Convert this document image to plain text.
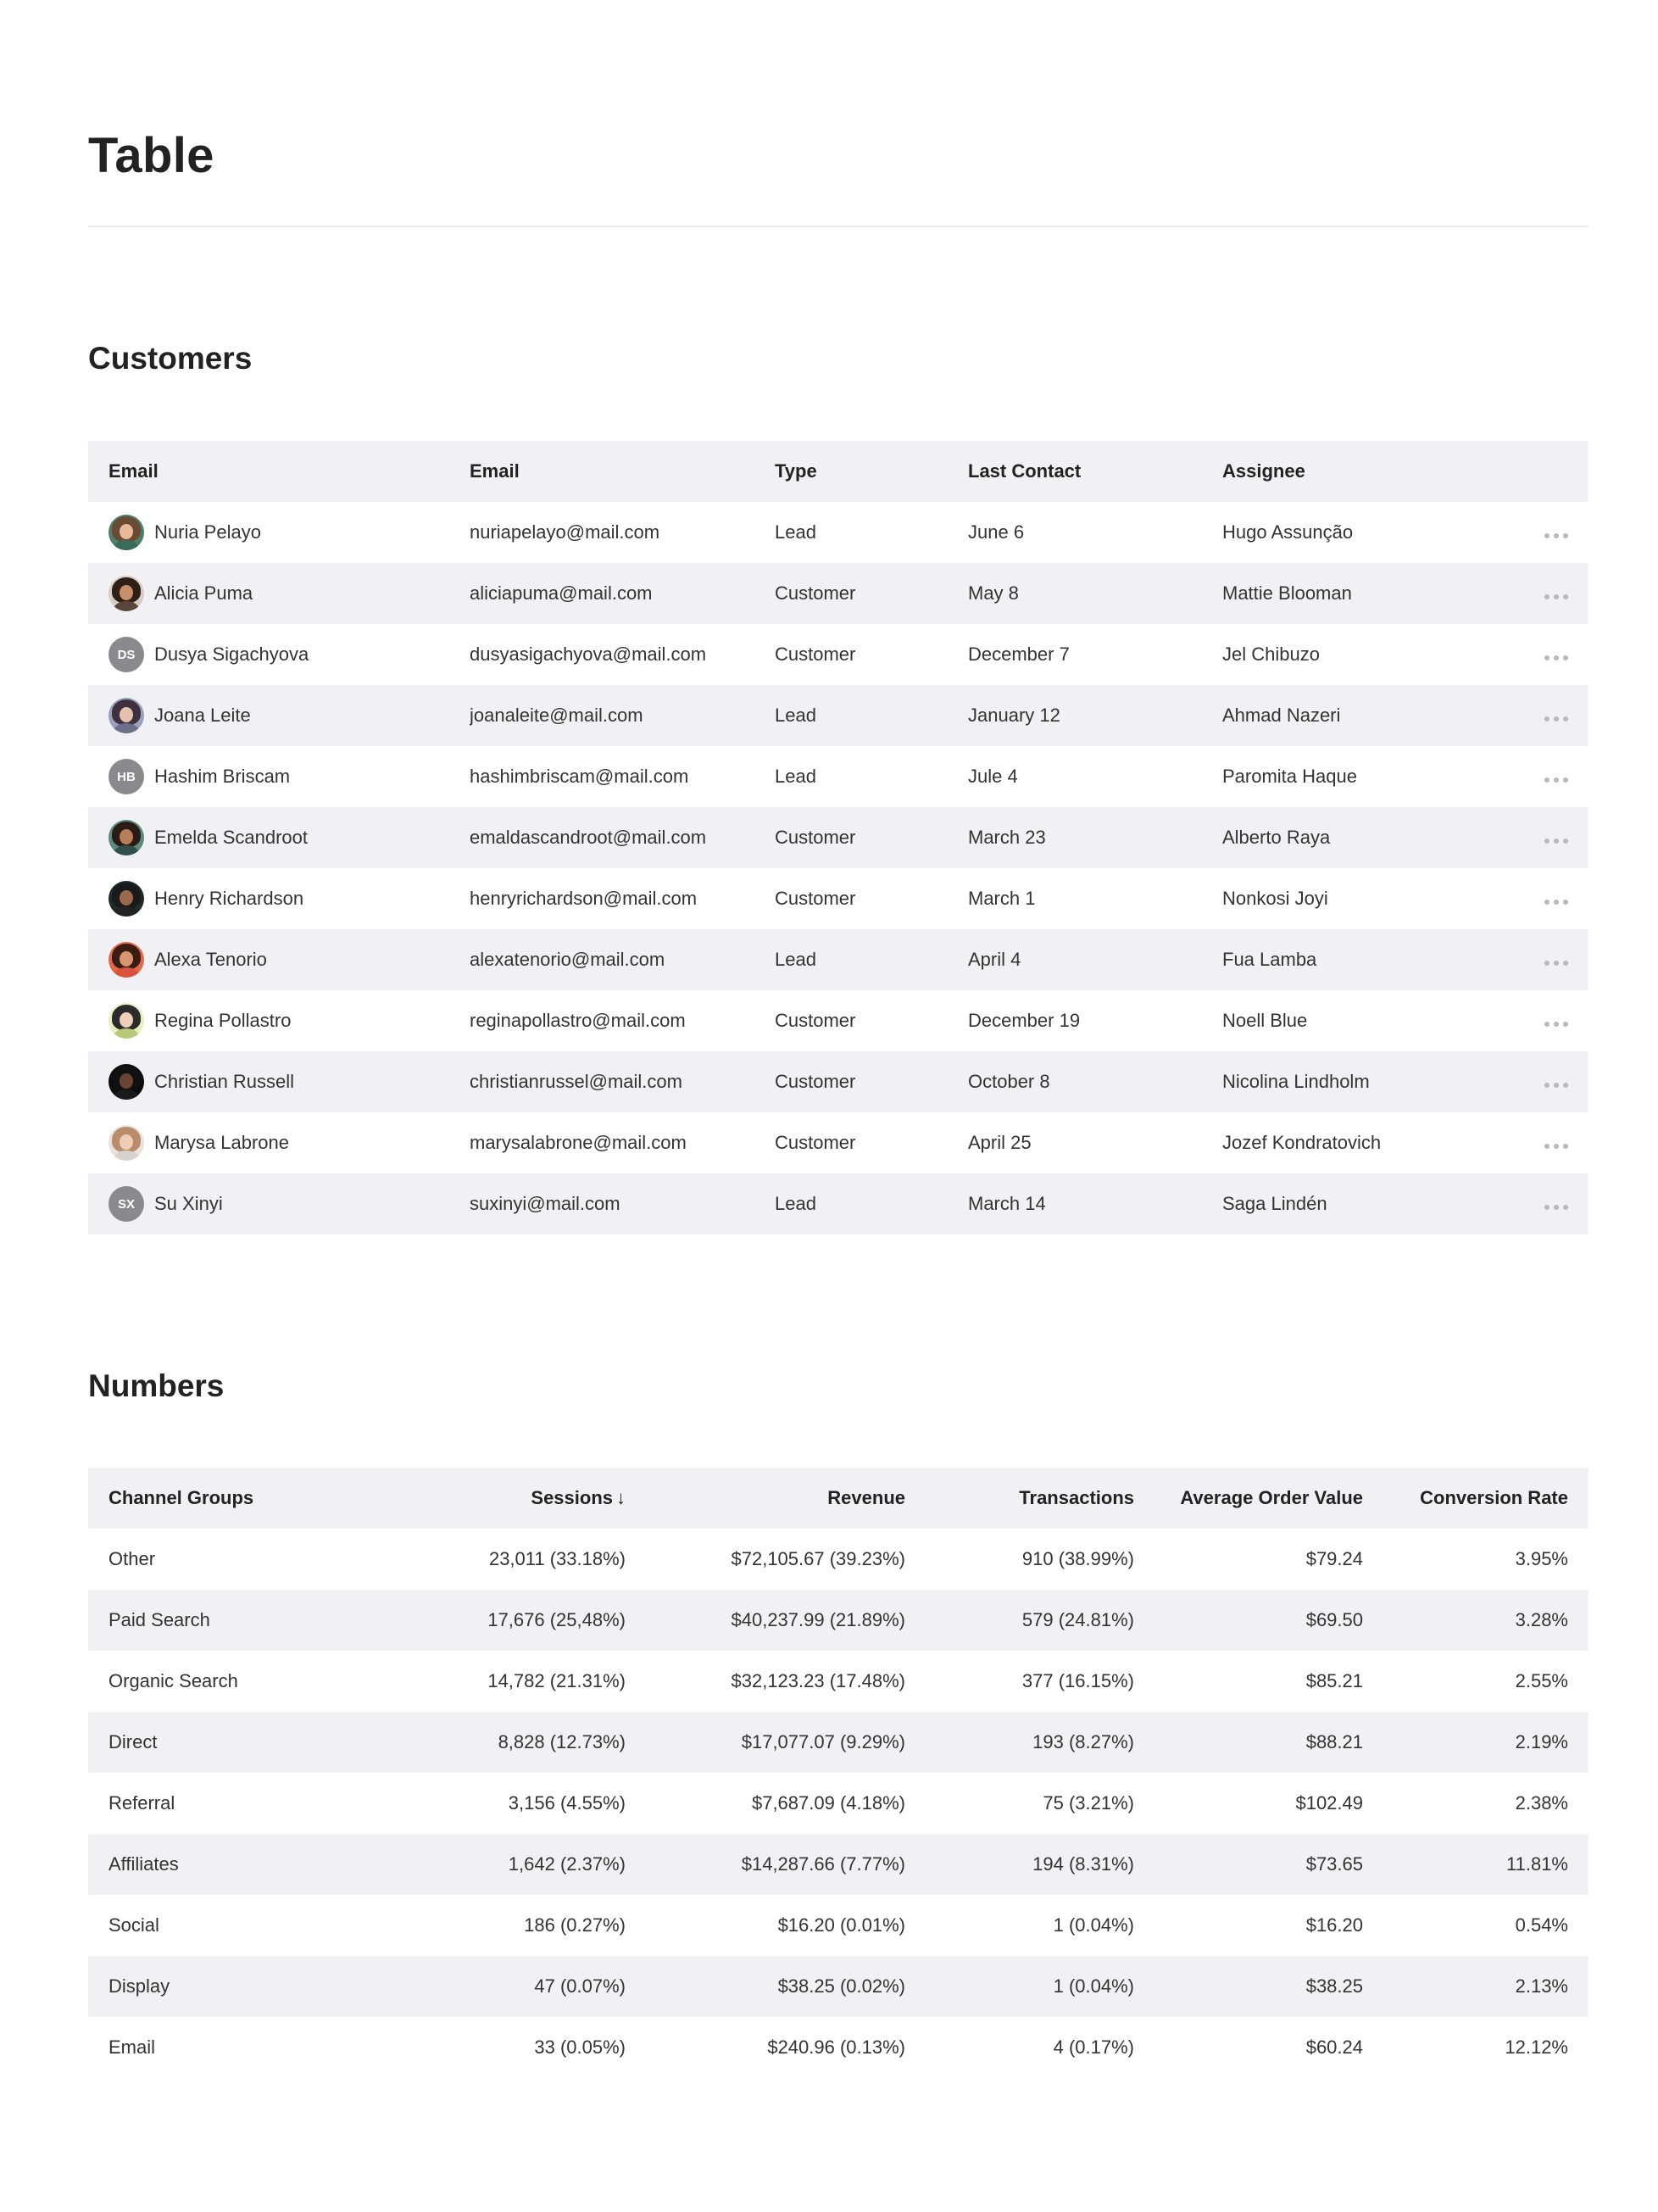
Table
Customers
Email	Email	Type	Last Contact	Assignee	

Nuria Pelayo	nuriapelayo@mail.com	Lead	June 6	Hugo Assunção	

Alicia Puma	aliciapuma@mail.com	Customer	May 8	Mattie Blooman	

DS Dusya Sigachyova	dusyasigachyova@mail.com	Customer	December 7	Jel Chibuzo	

Joana Leite	joanaleite@mail.com	Lead	January 12	Ahmad Nazeri	

HB Hashim Briscam	hashimbriscam@mail.com	Lead	Jule 4	Paromita Haque	

Emelda Scandroot	emaldascandroot@mail.com	Customer	March 23	Alberto Raya	

Henry Richardson	henryrichardson@mail.com	Customer	March 1	Nonkosi Joyi	

Alexa Tenorio	alexatenorio@mail.com	Lead	April 4	Fua Lamba	

Regina Pollastro	reginapollastro@mail.com	Customer	December 19	Noell Blue	

Christian Russell	christianrussel@mail.com	Customer	October 8	Nicolina Lindholm	

Marysa Labrone	marysalabrone@mail.com	Customer	April 25	Jozef Kondratovich	

SX Su Xinyi	suxinyi@mail.com	Lead	March 14	Saga Lindén	
Numbers
Channel Groups	Sessions ↓	Revenue	Transactions	Average Order Value	Conversion Rate
Other	23,011 (33.18%)	$72,105.67 (39.23%)	910 (38.99%)	$79.24	3.95%
Paid Search	17,676 (25,48%)	$40,237.99 (21.89%)	579 (24.81%)	$69.50	3.28%
Organic Search	14,782 (21.31%)	$32,123.23 (17.48%)	377 (16.15%)	$85.21	2.55%
Direct	8,828 (12.73%)	$17,077.07 (9.29%)	193 (8.27%)	$88.21	2.19%
Referral	3,156 (4.55%)	$7,687.09 (4.18%)	75 (3.21%)	$102.49	2.38%
Affiliates	1,642 (2.37%)	$14,287.66 (7.77%)	194 (8.31%)	$73.65	11.81%
Social	186 (0.27%)	$16.20 (0.01%)	1 (0.04%)	$16.20	0.54%
Display	47 (0.07%)	$38.25 (0.02%)	1 (0.04%)	$38.25	2.13%
Email	33 (0.05%)	$240.96 (0.13%)	4 (0.17%)	$60.24	12.12%
